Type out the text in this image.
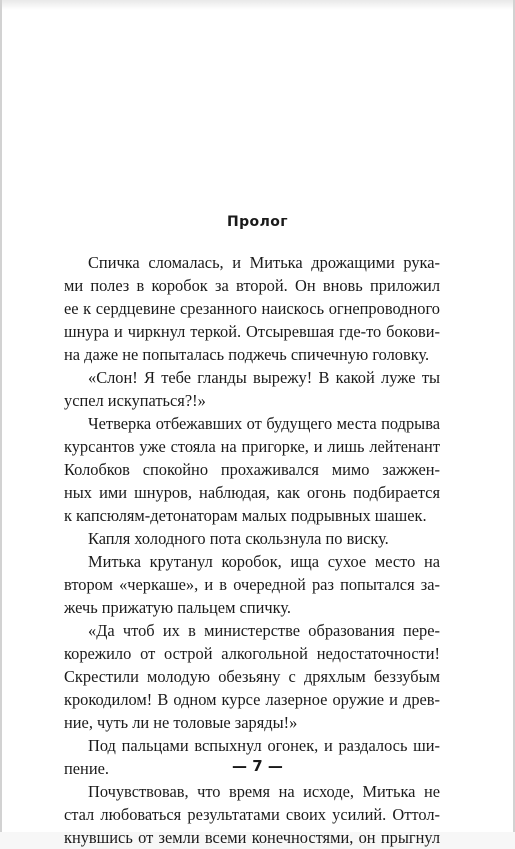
Пролог
Спичка сломалась, и Митька дрожащими рука-
ми полез в коробок за второй. Он вновь приложил
ее к сердцевине срезанного наискось огнепроводного
шнура и чиркнул теркой. Отсыревшая где-то бокови-
на даже не попыталась поджечь спичечную головку.
«Слон! Я тебе гланды вырежу! В какой луже ты
успел искупаться?!»
Четверка отбежавших от будущего места подрыва
курсантов уже стояла на пригорке, и лишь лейтенант
Колобков спокойно прохаживался мимо зажжен-
ных ими шнуров, наблюдая, как огонь подбирается
к капсюлям-детонаторам малых подрывных шашек.
Капля холодного пота скользнула по виску.
Митька крутанул коробок, ища сухое место на
втором «черкаше», и в очередной раз попытался за-
жечь прижатую пальцем спичку.
«Да чтоб их в министерстве образования пере-
корежило от острой алкогольной недостаточности!
Скрестили молодую обезьяну с дряхлым беззубым
крокодилом! В одном курсе лазерное оружие и древ-
ние, чуть ли не толовые заряды!»
Под пальцами вспыхнул огонек, и раздалось ши-
пение.
Почувствовав, что время на исходе, Митька не
стал любоваться результатами своих усилий. Оттол-
кнувшись от земли всеми конечностями, он прыгнул
— 7 —
